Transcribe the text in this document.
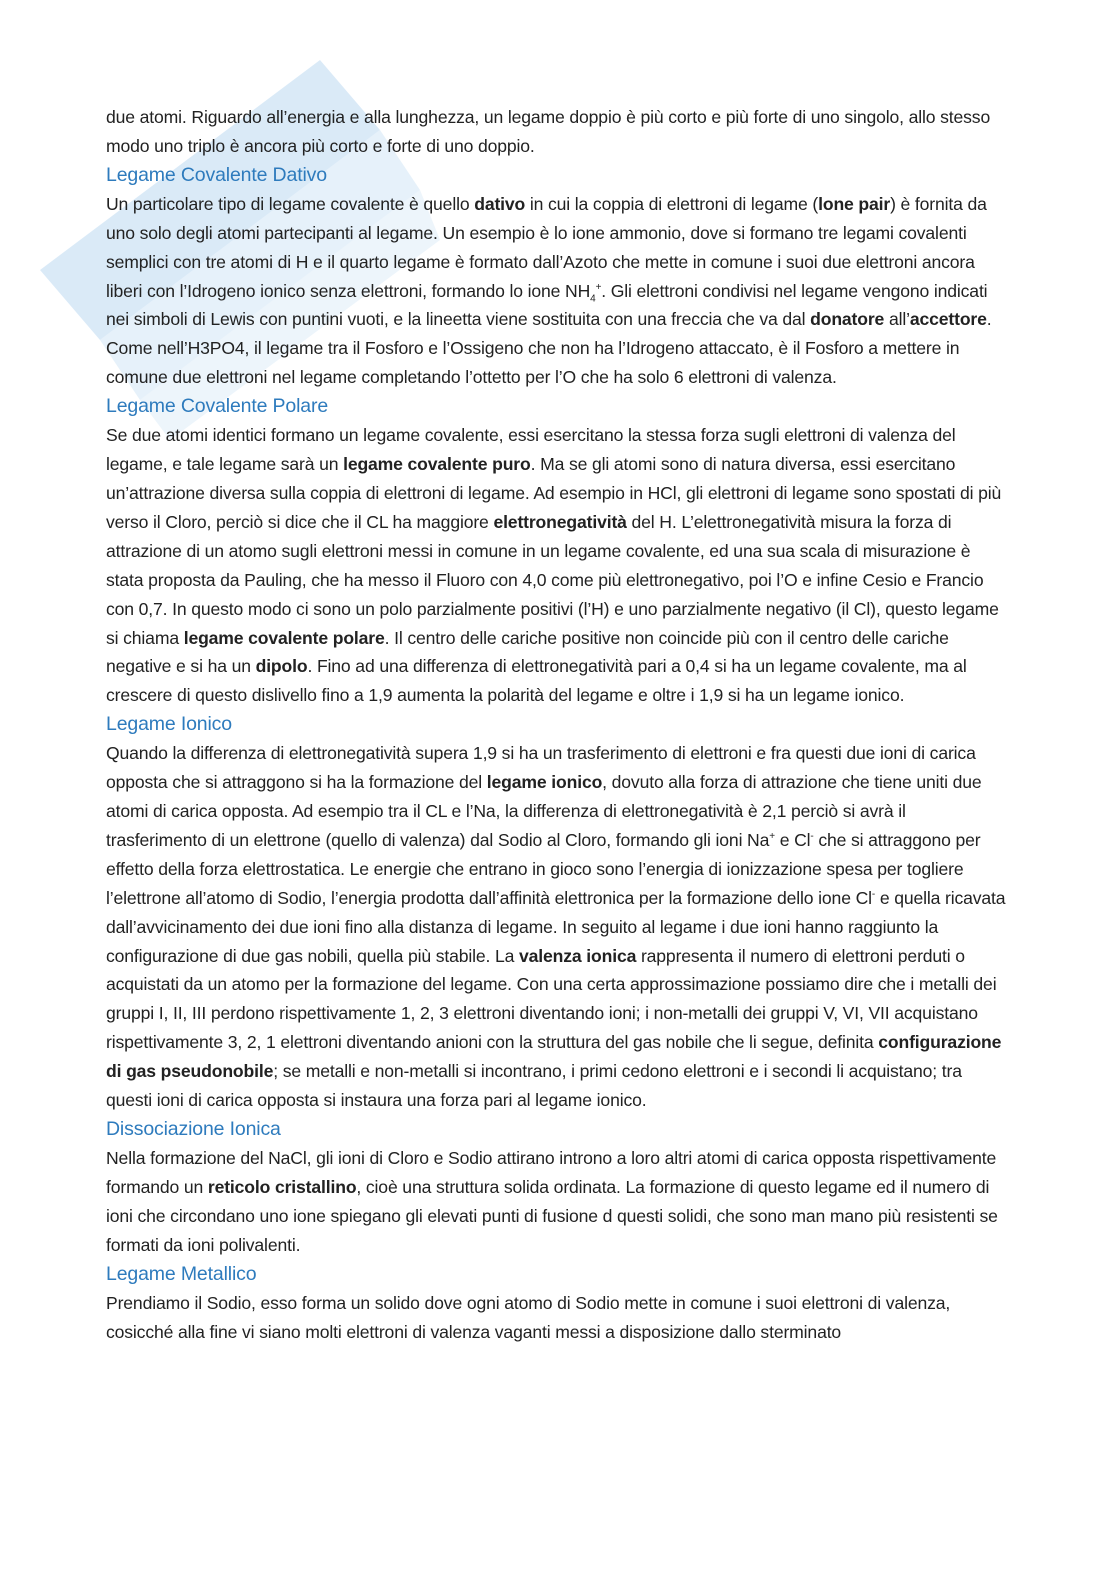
due atomi. Riguardo all’energia e alla lunghezza, un legame doppio è più corto e più forte di uno singolo, allo stesso modo uno triplo è ancora più corto e forte di uno doppio.

Legame Covalente Dativo

Un particolare tipo di legame covalente è quello dativo in cui la coppia di elettroni di legame (lone pair) è fornita da uno solo degli atomi partecipanti al legame. Un esempio è lo ione ammonio, dove si formano tre legami covalenti semplici con tre atomi di H e il quarto legame è formato dall’Azoto che mette in comune i suoi due elettroni ancora liberi con l’Idrogeno ionico senza elettroni, formando lo ione $NH_4^+$. Gli elettroni condivisi nel legame vengono indicati nei simboli di Lewis con puntini vuoti, e la lineetta viene sostituita con una freccia che va dal donatore all’accettore. Come nell’H3PO4, il legame tra il Fosforo e l’Ossigeno che non ha l’Idrogeno attaccato, è il Fosforo a mettere in comune due elettroni nel legame completando l’ottetto per l’O che ha solo 6 elettroni di valenza.

Legame Covalente Polare

Se due atomi identici formano un legame covalente, essi esercitano la stessa forza sugli elettroni di valenza del legame, e tale legame sarà un legame covalente puro. Ma se gli atomi sono di natura diversa, essi esercitano un’attrazione diversa sulla coppia di elettroni di legame. Ad esempio in HCl, gli elettroni di legame sono spostati di più verso il Cloro, perciò si dice che il CL ha maggiore elettronegatività del H. L’elettronegatività misura la forza di attrazione di un atomo sugli elettroni messi in comune in un legame covalente, ed una sua scala di misurazione è stata proposta da Pauling, che ha messo il Fluoro con 4,0 come più elettronegativo, poi l’O e infine Cesio e Francio con 0,7. In questo modo ci sono un polo parzialmente positivi (l’H) e uno parzialmente negativo (il Cl), questo legame si chiama legame covalente polare. Il centro delle cariche positive non coincide più con il centro delle cariche negative e si ha un dipolo. Fino ad una differenza di elettronegatività pari a 0,4 si ha un legame covalente, ma al crescere di questo dislivello fino a 1,9 aumenta la polarità del legame e oltre i 1,9 si ha un legame ionico.

Legame Ionico

Quando la differenza di elettronegatività supera 1,9 si ha un trasferimento di elettroni e fra questi due ioni di carica opposta che si attraggono si ha la formazione del legame ionico, dovuto alla forza di attrazione che tiene uniti due atomi di carica opposta. Ad esempio tra il CL e l’Na, la differenza di elettronegatività è 2,1 perciò si avrà il trasferimento di un elettrone (quello di valenza) dal Sodio al Cloro, formando gli ioni Na+ e Cl- che si attraggono per effetto della forza elettrostatica. Le energie che entrano in gioco sono l’energia di ionizzazione spesa per togliere l’elettrone all’atomo di Sodio, l’energia prodotta dall’affinità elettronica per la formazione dello ione Cl- e quella ricavata dall’avvicinamento dei due ioni fino alla distanza di legame. In seguito al legame i due ioni hanno raggiunto la configurazione di due gas nobili, quella più stabile. La valenza ionica rappresenta il numero di elettroni perduti o acquistati da un atomo per la formazione del legame. Con una certa approssimazione possiamo dire che i metalli dei gruppi I, II, III perdono rispettivamente 1, 2, 3 elettroni diventando ioni; i non-metalli dei gruppi V, VI, VII acquistano rispettivamente 3, 2, 1 elettroni diventando anioni con la struttura del gas nobile che li segue, definita configurazione di gas pseudonobile; se metalli e non-metalli si incontrano, i primi cedono elettroni e i secondi li acquistano; tra questi ioni di carica opposta si instaura una forza pari al legame ionico.

Dissociazione Ionica

Nella formazione del NaCl, gli ioni di Cloro e Sodio attirano introno a loro altri atomi di carica opposta rispettivamente formando un reticolo cristallino, cioè una struttura solida ordinata. La formazione di questo legame ed il numero di ioni che circondano uno ione spiegano gli elevati punti di fusione d questi solidi, che sono man mano più resistenti se formati da ioni polivalenti.

Legame Metallico

Prendiamo il Sodio, esso forma un solido dove ogni atomo di Sodio mette in comune i suoi elettroni di valenza, cosicché alla fine vi siano molti elettroni di valenza vaganti messi a disposizione dallo sterminato
